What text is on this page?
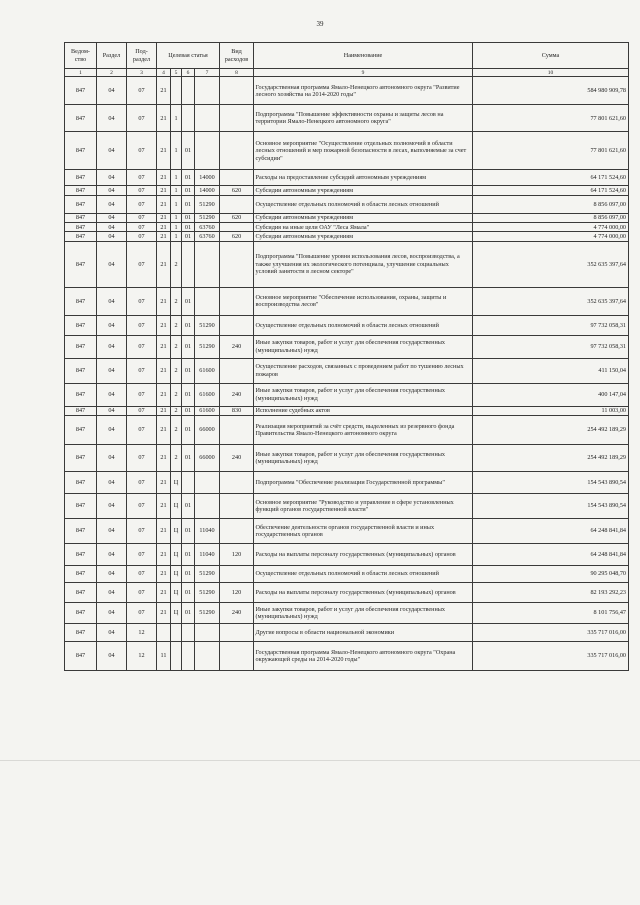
39
Ведом-ство	Раздел	Под-раздел	Целевая статья				Вид расходов	Наименование	Сумма
1	2	3	4	5	6	7	8	9	10
847	04	07	21					Государственная программа Ямало-Ненецкого автономного округа "Развитие лесного хозяйства на 2014-2020 годы"	584 980 909,78
847	04	07	21	1				Подпрограмма "Повышение эффективности охраны и защиты лесов на территории Ямало-Ненецкого автономного округа"	77 801 621,60
847	04	07	21	1	01			Основное мероприятие "Осуществление отдельных полномочий в области лесных отношений и мер пожарной безопасности в лесах, выполняемые за счет субсидии"	77 801 621,60
847	04	07	21	1	01	14000		Расходы на предоставление субсидий автономным учреждениям	64 171 524,60
847	04	07	21	1	01	14000	620	Субсидии автономным учреждениям	64 171 524,60
847	04	07	21	1	01	51290		Осуществление отдельных полномочий в области лесных отношений	8 856 097,00
847	04	07	21	1	01	51290	620	Субсидии автономным учреждениям	8 856 097,00
847	04	07	21	1	01	63760		Субсидия на иные цели ОАУ "Леса Ямала"	4 774 000,00
847	04	07	21	1	01	63760	620	Субсидии автономным учреждениям	4 774 000,00
847	04	07	21	2				Подпрограмма "Повышение уровня использования лесов, воспроизводства, а также улучшения их экологического потенциала, улучшение социальных условий занятости в лесном секторе"	352 635 397,64
847	04	07	21	2	01			Основное мероприятие "Обеспечение использования, охраны, защиты и воспроизводства лесов"	352 635 397,64
847	04	07	21	2	01	51290		Осуществление отдельных полномочий в области лесных отношений	97 732 058,31
847	04	07	21	2	01	51290	240	Иные закупки товаров, работ и услуг для обеспечения государственных (муниципальных) нужд	97 732 058,31
847	04	07	21	2	01	61600		Осуществление расходов, связанных с проведением работ по тушению лесных пожаров	411 150,04
847	04	07	21	2	01	61600	240	Иные закупки товаров, работ и услуг для обеспечения государственных (муниципальных) нужд	400 147,04
847	04	07	21	2	01	61600	830	Исполнение судебных актов	11 003,00
847	04	07	21	2	01	66000		Реализация мероприятий за счёт средств, выделенных из резервного фонда Правительства Ямало-Ненецкого автономного округа	254 492 189,29
847	04	07	21	2	01	66000	240	Иные закупки товаров, работ и услуг для обеспечения государственных (муниципальных) нужд	254 492 189,29
847	04	07	21	Ц				Подпрограмма "Обеспечение реализации Государственной программы"	154 543 890,54
847	04	07	21	Ц	01			Основное мероприятие "Руководство и управление в сфере установленных функций органов государственной власти"	154 543 890,54
847	04	07	21	Ц	01	11040		Обеспечение деятельности органов государственной власти и иных государственных органов	64 248 841,84
847	04	07	21	Ц	01	11040	120	Расходы на выплаты персоналу государственных (муниципальных) органов	64 248 841,84
847	04	07	21	Ц	01	51290		Осуществление отдельных полномочий в области лесных отношений	90 295 048,70
847	04	07	21	Ц	01	51290	120	Расходы на выплаты персоналу государственных (муниципальных) органов	82 193 292,23
847	04	07	21	Ц	01	51290	240	Иные закупки товаров, работ и услуг для обеспечения государственных (муниципальных) нужд	8 101 756,47
847	04	12						Другие вопросы в области национальной экономики	335 717 016,00
847	04	12	11					Государственная программа Ямало-Ненецкого автономного округа "Охрана окружающей среды на 2014-2020 годы"	335 717 016,00
